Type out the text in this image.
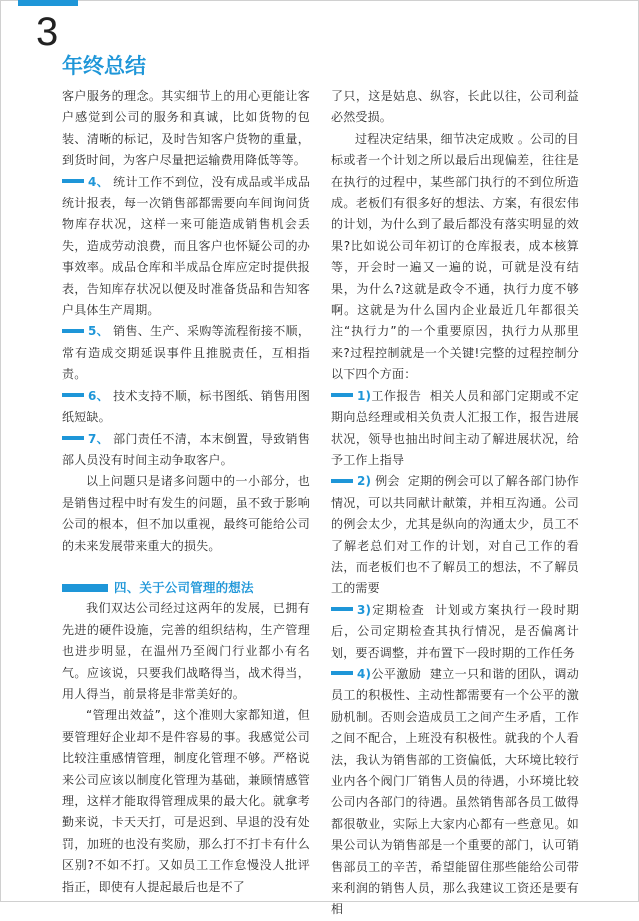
3
年终总结

客户服务的理念。其实细节上的用心更能让客户感觉到公司的服务和真诚，比如货物的包装、清晰的标记，及时告知客户货物的重量，到货时间，为客户尽量把运输费用降低等等。

4、 统计工作不到位，没有成品或半成品统计报表，每一次销售部都需要向车间询问货物库存状况，这样一来可能造成销售机会丢失，造成劳动浪费，而且客户也怀疑公司的办事效率。成品仓库和半成品仓库应定时提供报表，告知库存状况以便及时准备货品和告知客户具体生产周期。

5、 销售、生产、采购等流程衔接不顺，常有造成交期延误事件且推脱责任，互相指责。

6、 技术支持不顺，标书图纸、销售用图纸短缺。

7、 部门责任不清，本末倒置，导致销售部人员没有时间主动争取客户。

以上问题只是诸多问题中的一小部分，也是销售过程中时有发生的问题，虽不致于影响公司的根本，但不加以重视，最终可能给公司的未来发展带来重大的损失。

四、关于公司管理的想法

我们双达公司经过这两年的发展，已拥有先进的硬件设施，完善的组织结构，生产管理也进步明显，在温州乃至阀门行业都小有名气。应该说，只要我们战略得当，战术得当，用人得当，前景将是非常美好的。

“管理出效益”，这个准则大家都知道，但要管理好企业却不是件容易的事。我感觉公司比较注重感情管理，制度化管理不够。严格说来公司应该以制度化管理为基础，兼顾情感管理，这样才能取得管理成果的最大化。就拿考勤来说，卡天天打，可是迟到、早退的没有处罚，加班的也没有奖励，那么打不打卡有什么区别?不如不打。又如员工工作怠慢没人批评指正，即使有人提起最后也是不了

了只，这是姑息、纵容，长此以往，公司利益必然受损。

过程决定结果，细节决定成败 。公司的目标或者一个计划之所以最后出现偏差，往往是在执行的过程中，某些部门执行的不到位所造成。老板们有很多好的想法、方案，有很宏伟的计划，为什么到了最后都没有落实明显的效果?比如说公司年初订的仓库报表，成本核算等，开会时一遍又一遍的说，可就是没有结果，为什么?这就是政令不通，执行力度不够啊。这就是为什么国内企业最近几年都很关注“执行力”的一个重要原因，执行力从那里来?过程控制就是一个关键!完整的过程控制分以下四个方面：

1)工作报告 相关人员和部门定期或不定期向总经理或相关负责人汇报工作，报告进展状况，领导也抽出时间主动了解进展状况，给予工作上指导

2) 例会 定期的例会可以了解各部门协作情况，可以共同献计献策，并相互沟通。公司的例会太少，尤其是纵向的沟通太少，员工不了解老总们对工作的计划，对自己工作的看法，而老板们也不了解员工的想法，不了解员工的需要

3)定期检查 计划或方案执行一段时期后，公司定期检查其执行情况，是否偏离计划，要否调整，并布置下一段时期的工作任务

4)公平激励 建立一只和谐的团队，调动员工的积极性、主动性都需要有一个公平的激励机制。否则会造成员工之间产生矛盾，工作之间不配合，上班没有积极性。就我的个人看法，我认为销售部的工资偏低，大环境比较行业内各个阀门厂销售人员的待遇，小环境比较公司内各部门的待遇。虽然销售部各员工做得都很敬业，实际上大家内心都有一些意见。如果公司认为销售部是一个重要的部门，认可销售部员工的辛苦，希望能留住那些能给公司带来利润的销售人员，那么我建议工资还是要有相
